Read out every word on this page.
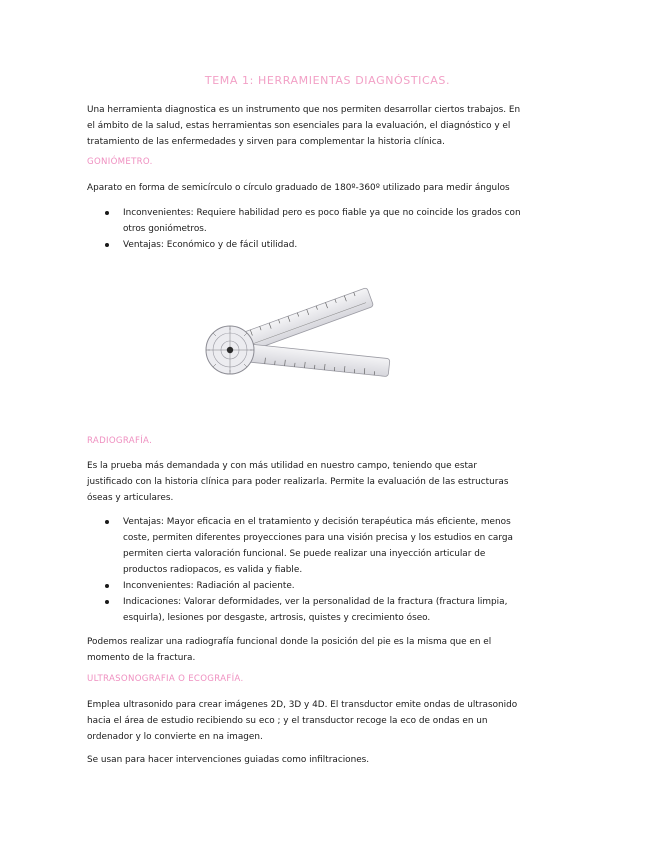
TEMA 1: HERRAMIENTAS DIAGNÓSTICAS.

Una herramienta diagnostica es un instrumento que nos permiten desarrollar ciertos trabajos. En el ámbito de la salud, estas herramientas son esenciales para la evaluación, el diagnóstico y el tratamiento de las enfermedades y sirven para complementar la historia clínica.

GONIÓMETRO.

Aparato en forma de semicírculo o círculo graduado de 180º-360º utilizado para medir ángulos

Inconvenientes: Requiere habilidad pero es poco fiable ya que no coincide los grados con otros goniómetros.
Ventajas: Económico y de fácil utilidad.

RADIOGRAFÍA.

Es la prueba más demandada y con más utilidad en nuestro campo, teniendo que estar justificado con la historia clínica para poder realizarla. Permite la evaluación de las estructuras óseas y articulares.

Ventajas: Mayor eficacia en el tratamiento y decisión terapéutica más eficiente, menos coste, permiten diferentes proyecciones para una visión precisa y los estudios en carga permiten cierta valoración funcional. Se puede realizar una inyección articular de productos radiopacos, es valida y fiable.
Inconvenientes: Radiación al paciente.
Indicaciones: Valorar deformidades, ver la personalidad de la fractura (fractura limpia, esquirla), lesiones por desgaste, artrosis, quistes y crecimiento óseo.

Podemos realizar una radiografía funcional donde la posición del pie es la misma que en el momento de la fractura.

ULTRASONOGRAFIA O ECOGRAFÍA.

Emplea ultrasonido para crear imágenes 2D, 3D y 4D. El transductor emite ondas de ultrasonido hacia el área de estudio recibiendo su eco ; y el transductor recoge la eco de ondas en un ordenador y lo convierte en na imagen.

Se usan para hacer intervenciones guiadas como infiltraciones.
